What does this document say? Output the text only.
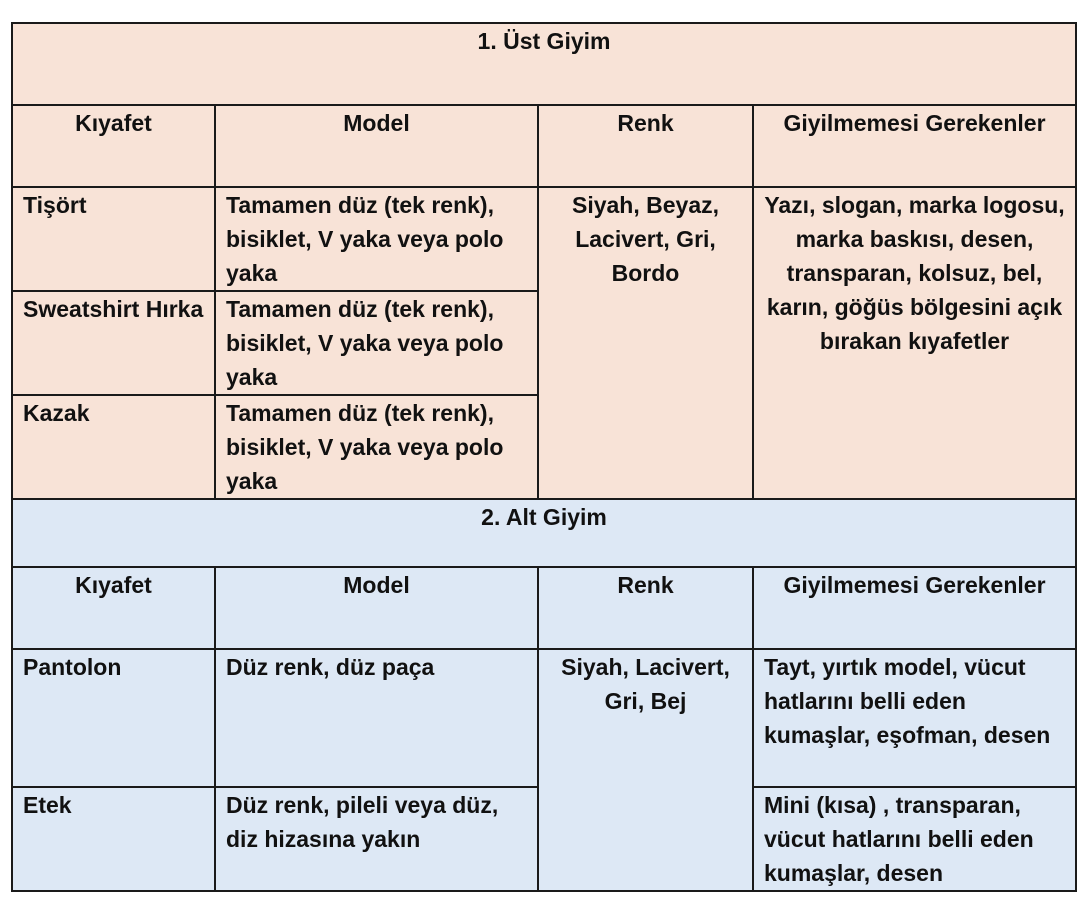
1. Üst Giyim			
Kıyafet	Model	Renk	Giyilmemesi Gerekenler
Tişört	Tamamen düz (tek renk), bisiklet, V yaka veya polo yaka	Siyah, Beyaz, Lacivert, Gri, Bordo	Yazı, slogan, marka logosu, marka baskısı, desen, transparan, kolsuz, bel, karın, göğüs bölgesini açık bırakan kıyafetler
Sweatshirt Hırka	Tamamen düz (tek renk), bisiklet, V yaka veya polo yaka		
Kazak	Tamamen düz (tek renk), bisiklet, V yaka veya polo yaka		
2. Alt Giyim			
Kıyafet	Model	Renk	Giyilmemesi Gerekenler
Pantolon	Düz renk, düz paça	Siyah, Lacivert, Gri, Bej	Tayt, yırtık model, vücut hatlarını belli eden kumaşlar, eşofman, desen
Etek	Düz renk, pileli veya düz, diz hizasına yakın		Mini (kısa) , transparan, vücut hatlarını belli eden kumaşlar, desen
